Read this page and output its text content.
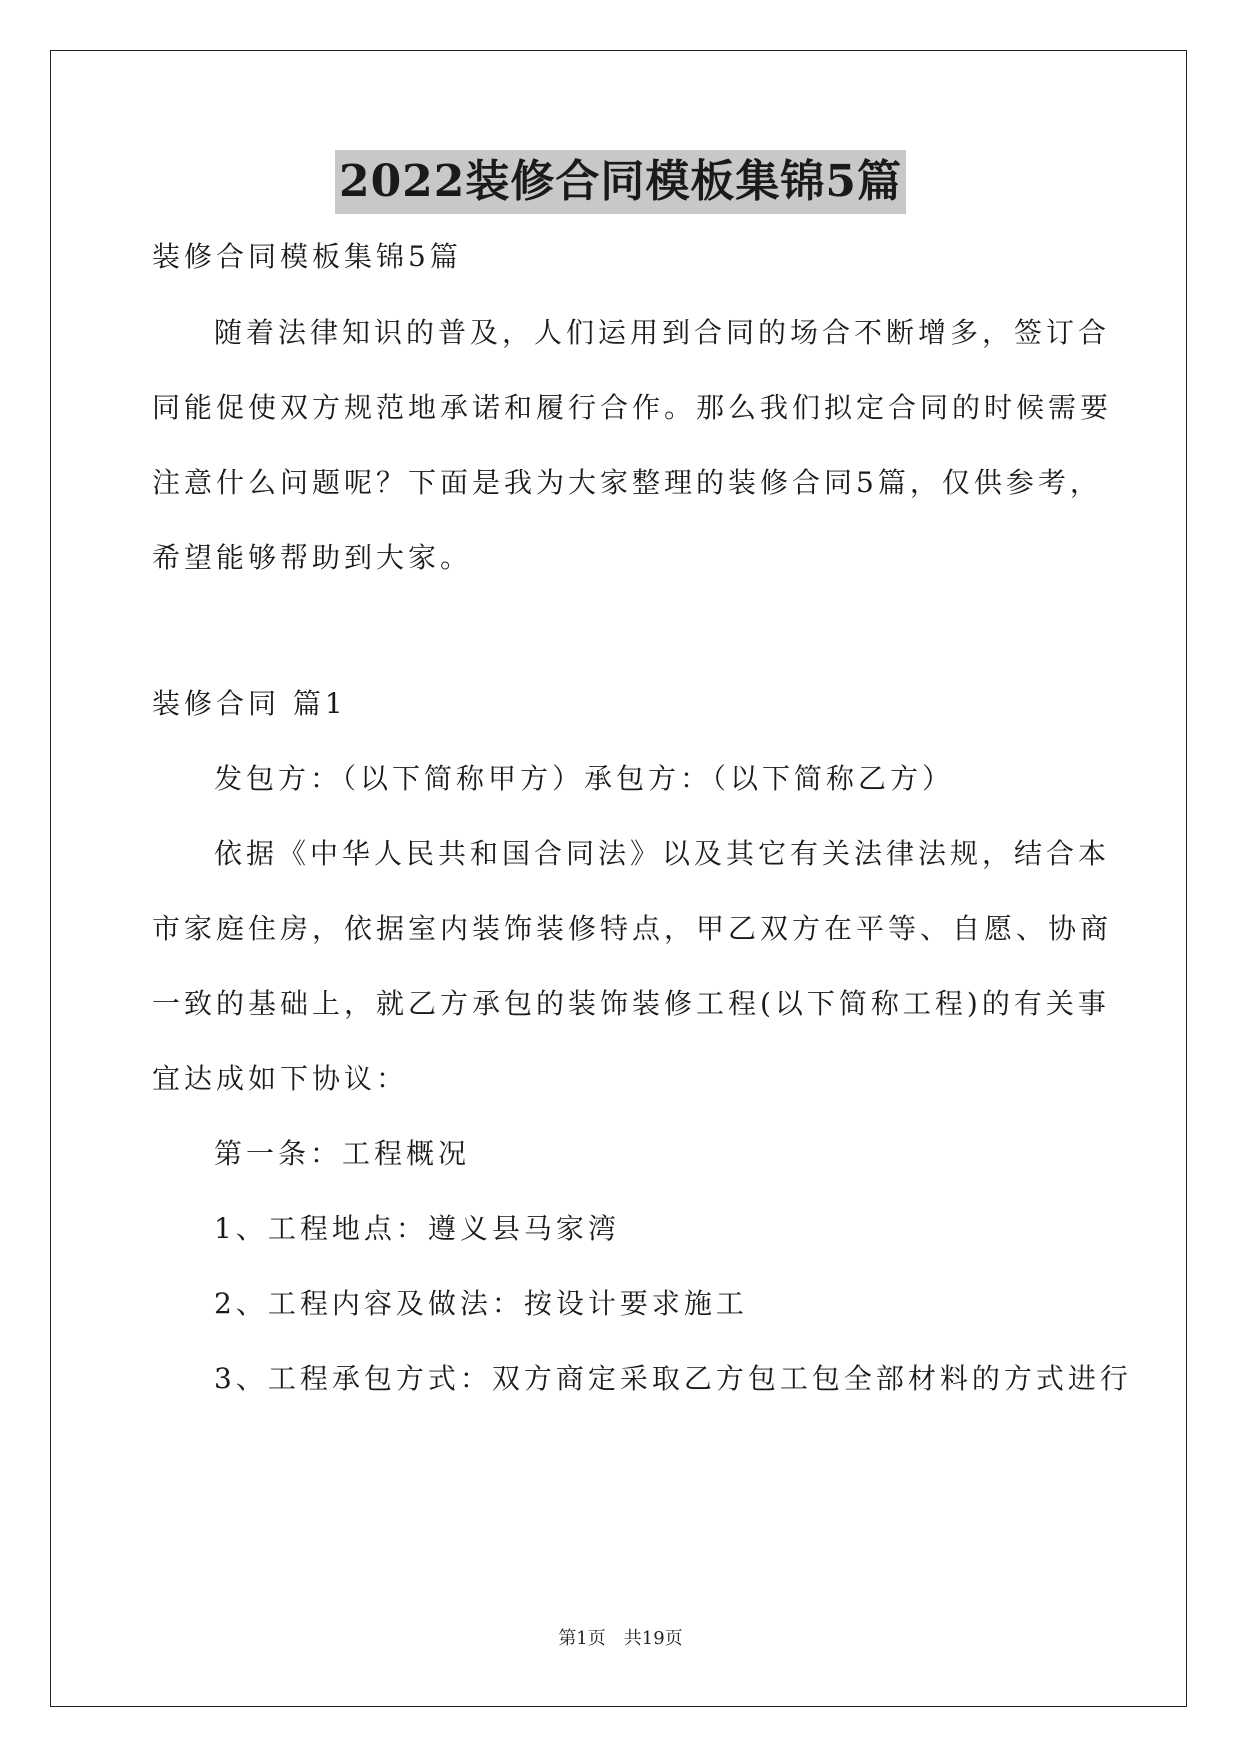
2022装修合同模板集锦5篇
装修合同模板集锦5篇
随着法律知识的普及，人们运用到合同的场合不断增多，签订合
同能促使双方规范地承诺和履行合作。那么我们拟定合同的时候需要
注意什么问题呢？下面是我为大家整理的装修合同5篇，仅供参考，
希望能够帮助到大家。
装修合同 篇1
发包方：（以下简称甲方）承包方：（以下简称乙方）
依据《中华人民共和国合同法》以及其它有关法律法规，结合本
市家庭住房，依据室内装饰装修特点，甲乙双方在平等、自愿、协商
一致的基础上，就乙方承包的装饰装修工程(以下简称工程)的有关事
宜达成如下协议：
第一条：工程概况
1、工程地点：遵义县马家湾
2、工程内容及做法：按设计要求施工
3、工程承包方式：双方商定采取乙方包工包全部材料的方式进行
第1页　共19页
